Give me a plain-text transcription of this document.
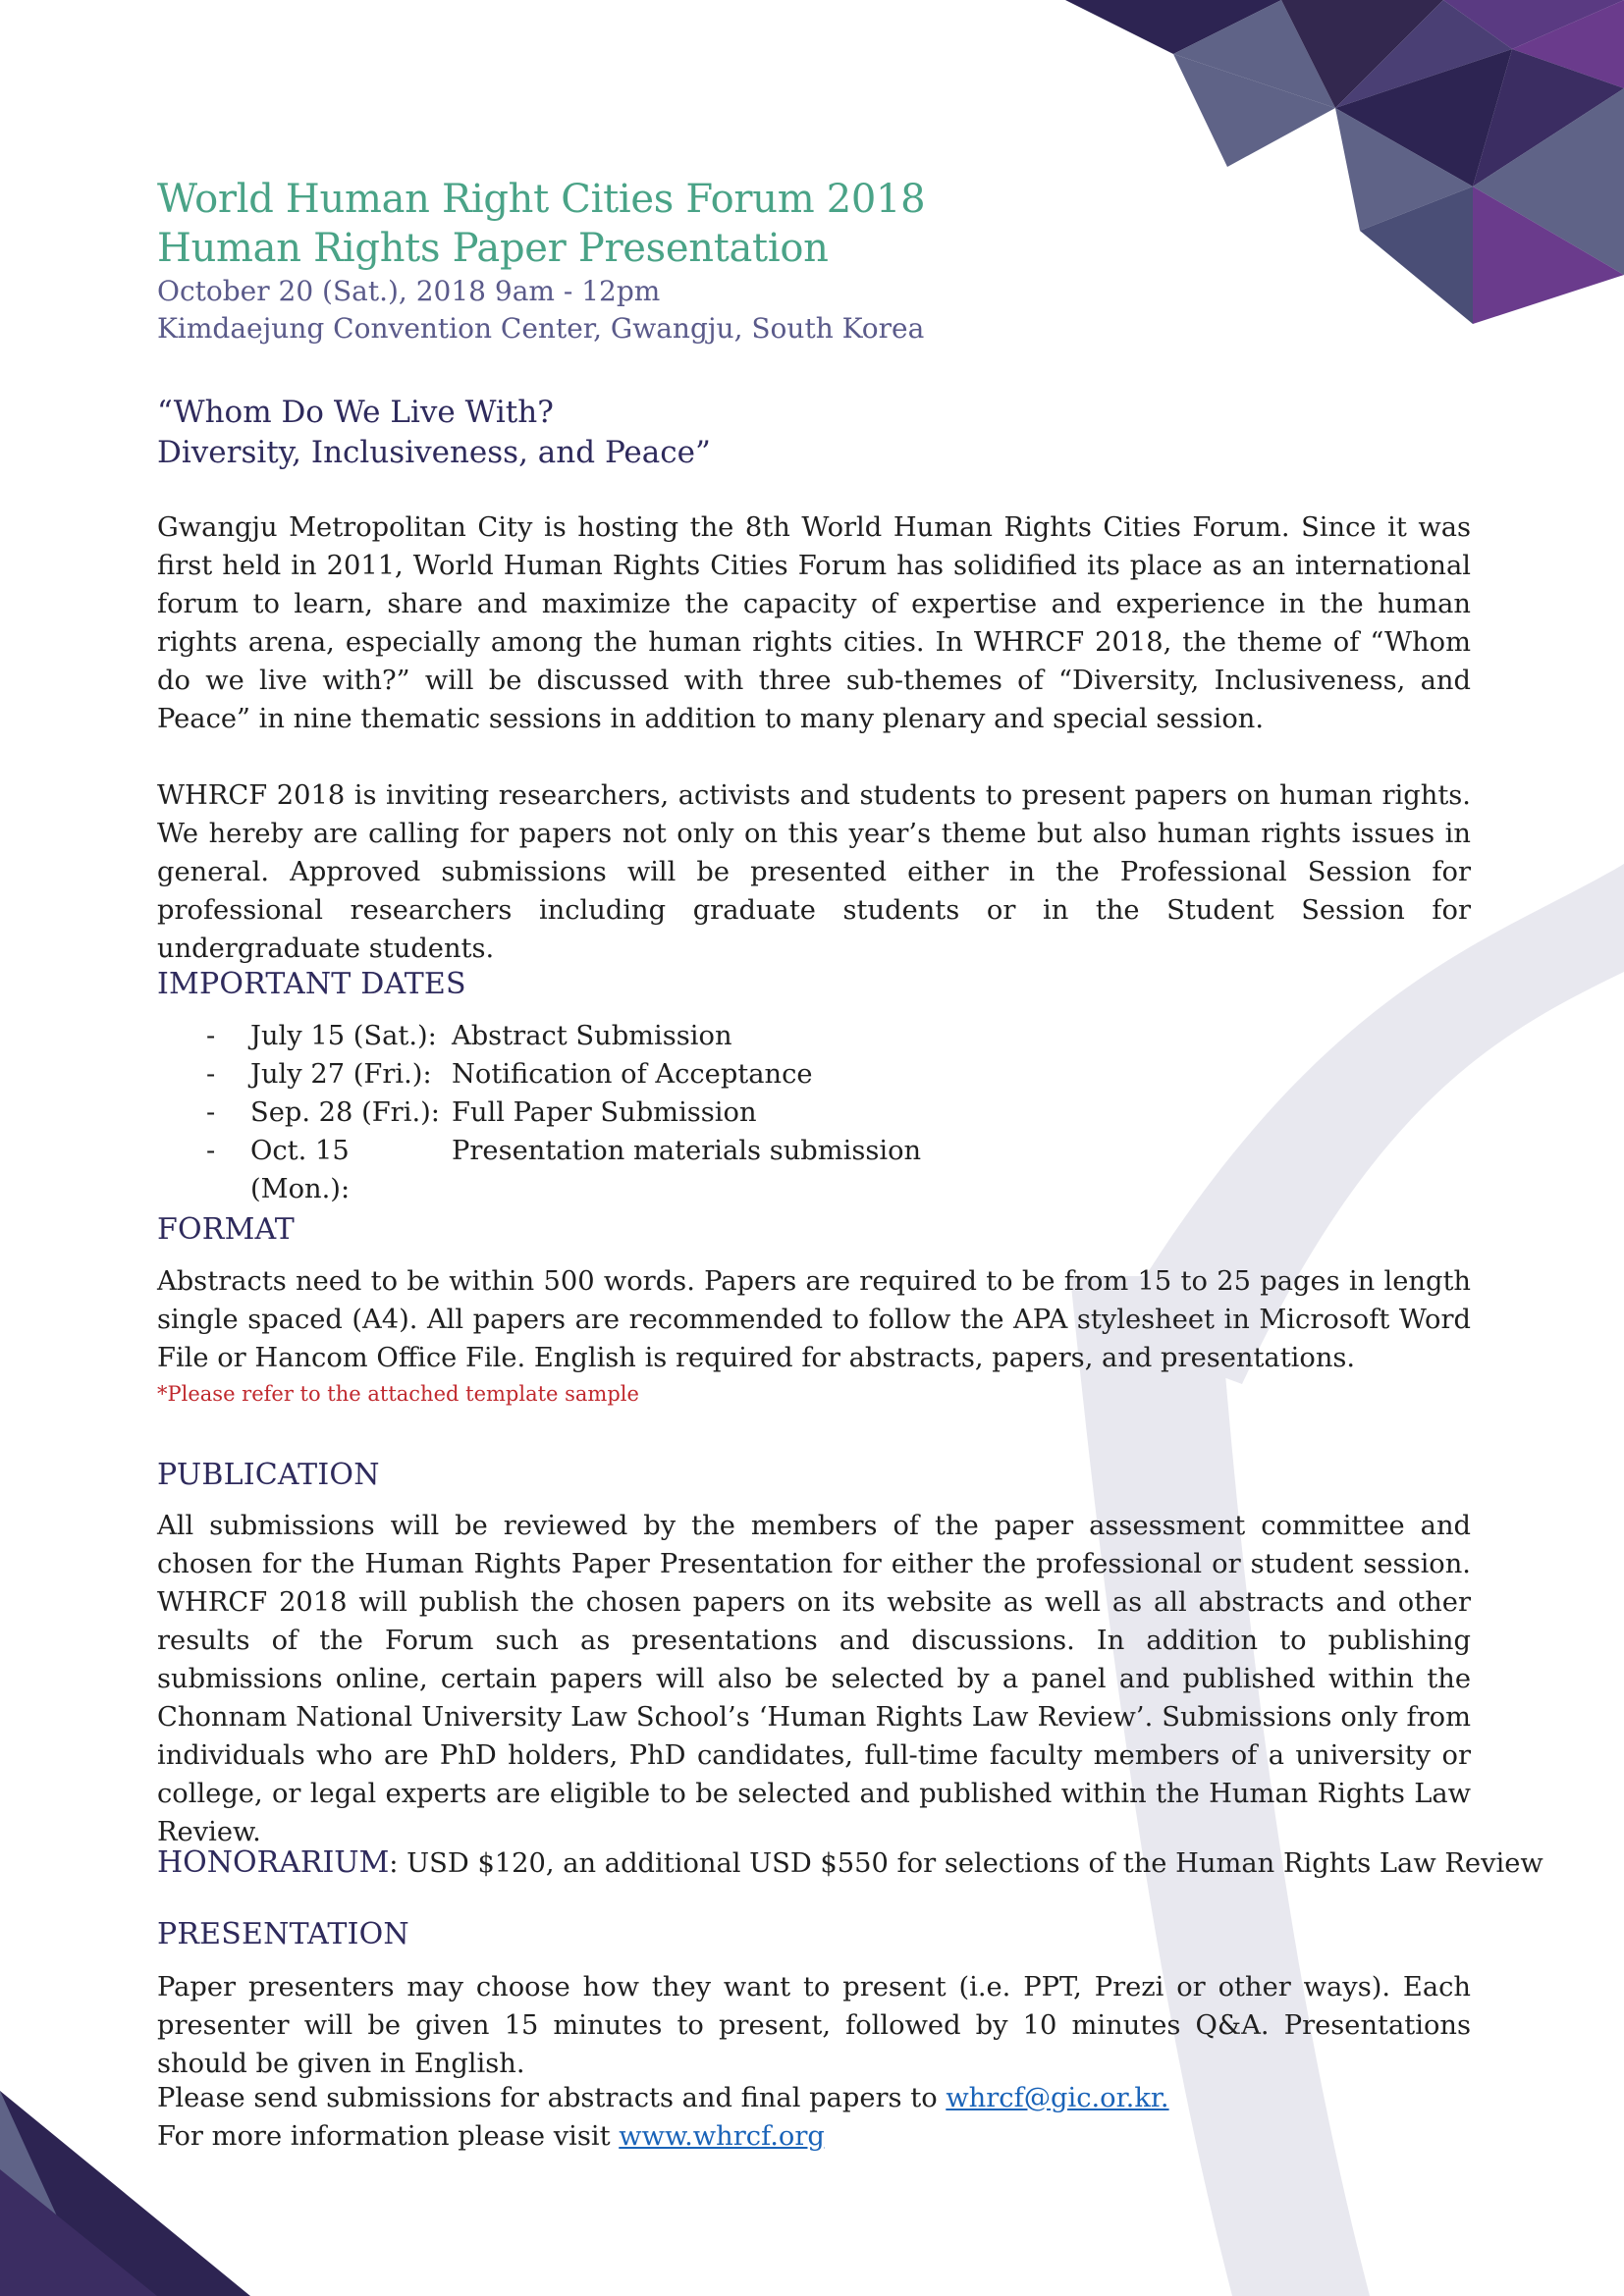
World Human Right Cities Forum 2018
Human Rights Paper Presentation
October 20 (Sat.), 2018 9am - 12pm
Kimdaejung Convention Center, Gwangju, South Korea
“Whom Do We Live With?
Diversity, Inclusiveness, and Peace”

Gwangju Metropolitan City is hosting the 8th World Human Rights Cities Forum. Since it was first held in 2011, World Human Rights Cities Forum has solidified its place as an international forum to learn, share and maximize the capacity of expertise and experience in the human rights arena, especially among the human rights cities. In WHRCF 2018, the theme of “Whom do we live with?” will be discussed with three sub-themes of “Diversity, Inclusiveness, and Peace” in nine thematic sessions in addition to many plenary and special session.

WHRCF 2018 is inviting researchers, activists and students to present papers on human rights. We hereby are calling for papers not only on this year’s theme but also human rights issues in general. Approved submissions will be presented either in the Professional Session for professional researchers including graduate students or in the Student Session for undergraduate students.

IMPORTANT DATES
-	July 15 (Sat.): Abstract Submission
-	July 27 (Fri.): Notification of Acceptance
-	Sep. 28 (Fri.): Full Paper Submission
-	Oct. 15 (Mon.):
Presentation materials submission
FORMAT

Abstracts need to be within 500 words. Papers are required to be from 15 to 25 pages in length single spaced (A4). All papers are recommended to follow the APA stylesheet in Microsoft Word File or Hancom Office File. English is required for abstracts, papers, and presentations.

*Please refer to the attached template sample
PUBLICATION

All submissions will be reviewed by the members of the paper assessment committee and chosen for the Human Rights Paper Presentation for either the professional or student session. WHRCF 2018 will publish the chosen papers on its website as well as all abstracts and other results of the Forum such as presentations and discussions. In addition to publishing submissions online, certain papers will also be selected by a panel and published within the Chonnam National University Law School’s ‘Human Rights Law Review’. Submissions only from individuals who are PhD holders, PhD candidates, full-time faculty members of a university or college, or legal experts are eligible to be selected and published within the Human Rights Law Review.

HONORARIUM: USD $120, an additional USD $550 for selections of the Human Rights Law Review
PRESENTATION

Paper presenters may choose how they want to present (i.e. PPT, Prezi or other ways). Each presenter will be given 15 minutes to present, followed by 10 minutes Q&A. Presentations should be given in English.

Please send submissions for abstracts and final papers to whrcf@gic.or.kr.
For more information please visit www.whrcf.org
